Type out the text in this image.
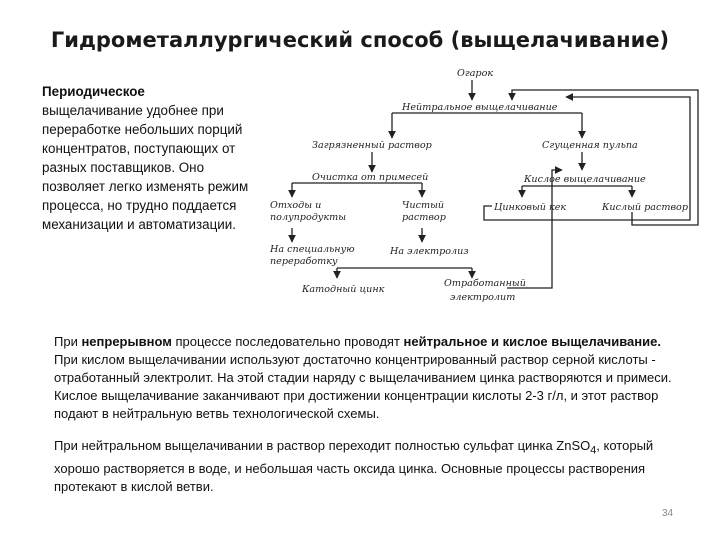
Гидрометаллургический способ (выщелачивание)
Периодическое
выщелачивание удобнее при переработке небольших порций концентратов, поступающих от разных поставщиков. Оно позволяет легко изменять режим процесса, но трудно поддается механизации и автоматизации.
Огарок
Нейтральное выщелачивание
Загрязненный раствор	Сгущенная пульпа
Очистка от примесей	Кислое выщелачивание
Отходы и
полупродукты
Чистый
раствор
Цинковый кек	Кислый раствор
На специальную
переработку
На электролиз
Катодный цинк
Отработанный
электролит
При непрерывном процессе последовательно проводят нейтральное и кислое выщелачивание. При кислом выщелачивании используют достаточно концентрированный раствор серной кислоты - отработанный электролит. На этой стадии наряду с выщелачиванием цинка растворяются и примеси. Кислое выщелачивание заканчивают при достижении концентрации кислоты 2-3 г/л, и этот раствор подают в нейтральную ветвь технологической схемы.
При нейтральном выщелачивании в раствор переходит полностью сульфат цинка ZnSO$_4$, который хорошо растворяется в воде, и небольшая часть оксида цинка. Основные процессы растворения протекают в кислой ветви.
34
